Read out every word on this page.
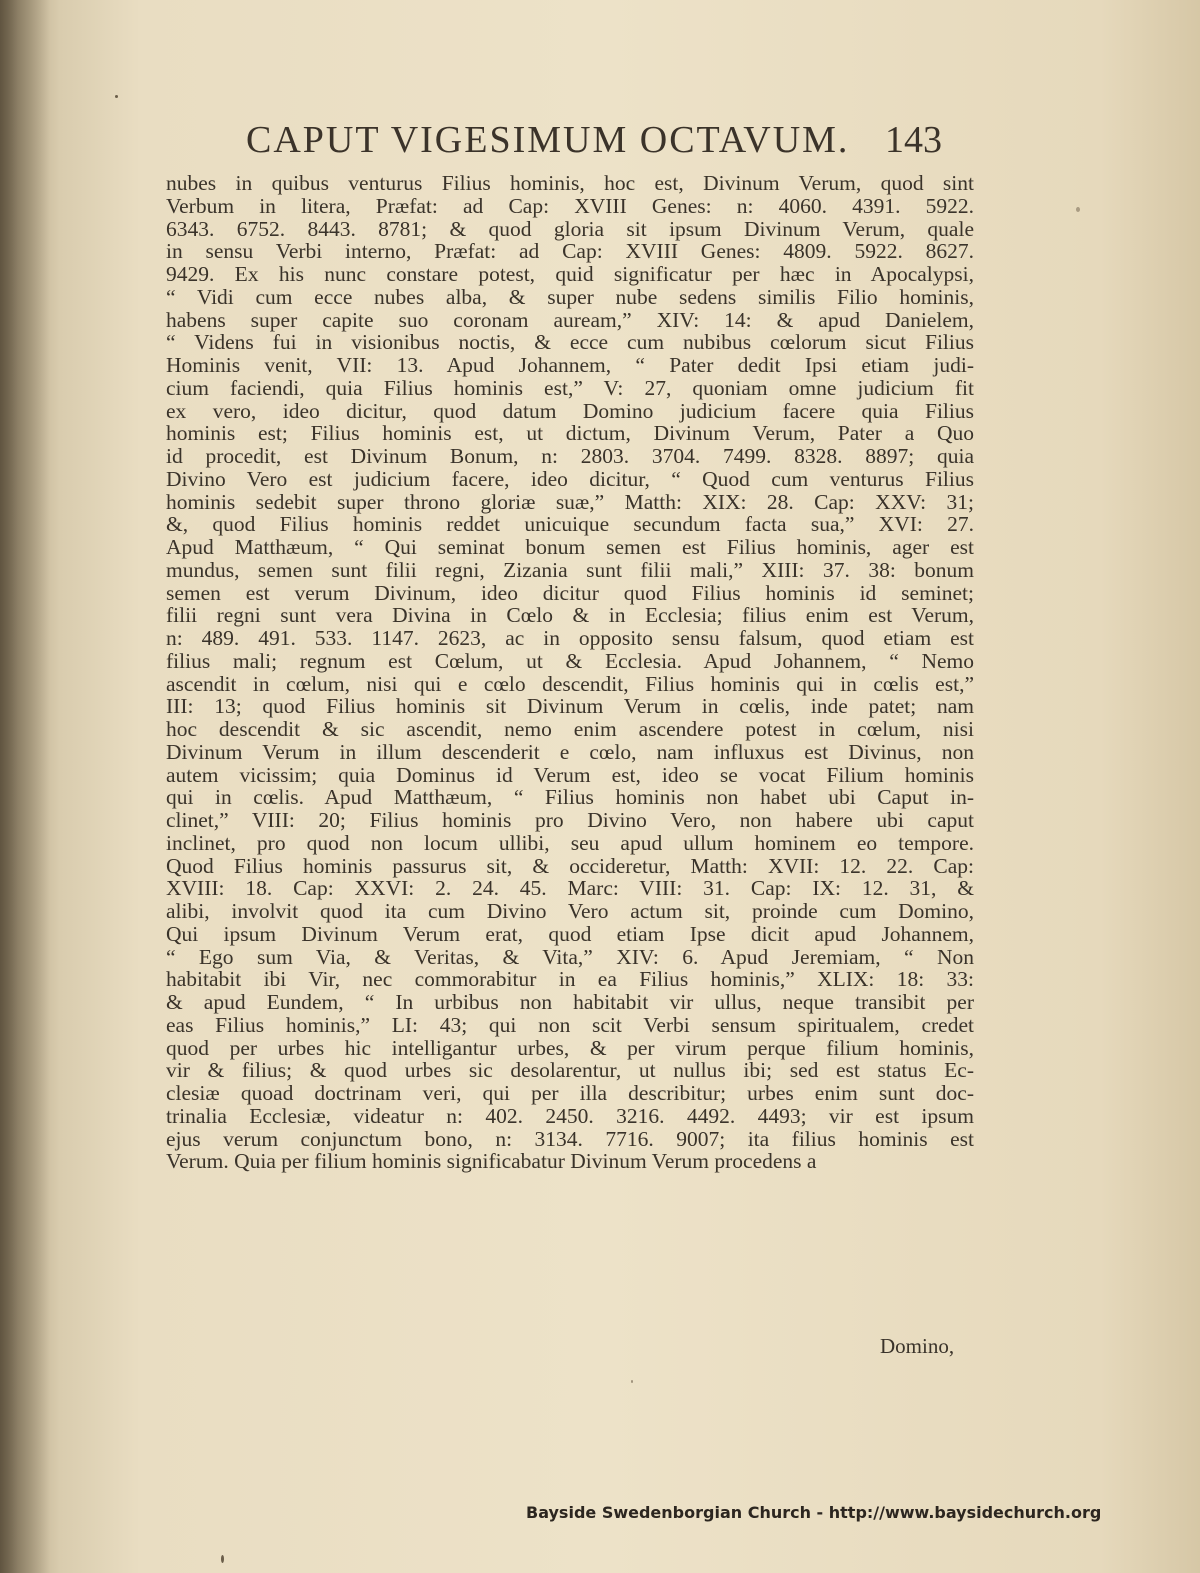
CAPUT VIGESIMUM OCTAVUM. 143
nubes in quibus venturus Filius hominis, hoc est, Divinum Verum, quod sint
Verbum in litera, Præfat: ad Cap: XVIII Genes: n: 4060. 4391. 5922.
6343. 6752. 8443. 8781; & quod gloria sit ipsum Divinum Verum, quale
in sensu Verbi interno, Præfat: ad Cap: XVIII Genes: 4809. 5922. 8627.
9429. Ex his nunc constare potest, quid significatur per hæc in Apocalypsi,
“ Vidi cum ecce nubes alba, & super nube sedens similis Filio hominis,
habens super capite suo coronam auream,” XIV: 14: & apud Danielem,
“ Videns fui in visionibus noctis, & ecce cum nubibus cœlorum sicut Filius
Hominis venit, VII: 13. Apud Johannem, “ Pater dedit Ipsi etiam judi-
cium faciendi, quia Filius hominis est,” V: 27, quoniam omne judicium fit
ex vero, ideo dicitur, quod datum Domino judicium facere quia Filius
hominis est; Filius hominis est, ut dictum, Divinum Verum, Pater a Quo
id procedit, est Divinum Bonum, n: 2803. 3704. 7499. 8328. 8897; quia
Divino Vero est judicium facere, ideo dicitur, “ Quod cum venturus Filius
hominis sedebit super throno gloriæ suæ,” Matth: XIX: 28. Cap: XXV: 31;
&, quod Filius hominis reddet unicuique secundum facta sua,” XVI: 27.
Apud Matthæum, “ Qui seminat bonum semen est Filius hominis, ager est
mundus, semen sunt filii regni, Zizania sunt filii mali,” XIII: 37. 38: bonum
semen est verum Divinum, ideo dicitur quod Filius hominis id seminet;
filii regni sunt vera Divina in Cœlo & in Ecclesia; filius enim est Verum,
n: 489. 491. 533. 1147. 2623, ac in opposito sensu falsum, quod etiam est
filius mali; regnum est Cœlum, ut & Ecclesia. Apud Johannem, “ Nemo
ascendit in cœlum, nisi qui e cœlo descendit, Filius hominis qui in cœlis est,”
III: 13; quod Filius hominis sit Divinum Verum in cœlis, inde patet; nam
hoc descendit & sic ascendit, nemo enim ascendere potest in cœlum, nisi
Divinum Verum in illum descenderit e cœlo, nam influxus est Divinus, non
autem vicissim; quia Dominus id Verum est, ideo se vocat Filium hominis
qui in cœlis. Apud Matthæum, “ Filius hominis non habet ubi Caput in-
clinet,” VIII: 20; Filius hominis pro Divino Vero, non habere ubi caput
inclinet, pro quod non locum ullibi, seu apud ullum hominem eo tempore.
Quod Filius hominis passurus sit, & occideretur, Matth: XVII: 12. 22. Cap:
XVIII: 18. Cap: XXVI: 2. 24. 45. Marc: VIII: 31. Cap: IX: 12. 31, &
alibi, involvit quod ita cum Divino Vero actum sit, proinde cum Domino,
Qui ipsum Divinum Verum erat, quod etiam Ipse dicit apud Johannem,
“ Ego sum Via, & Veritas, & Vita,” XIV: 6. Apud Jeremiam, “ Non
habitabit ibi Vir, nec commorabitur in ea Filius hominis,” XLIX: 18: 33:
& apud Eundem, “ In urbibus non habitabit vir ullus, neque transibit per
eas Filius hominis,” LI: 43; qui non scit Verbi sensum spiritualem, credet
quod per urbes hic intelligantur urbes, & per virum perque filium hominis,
vir & filius; & quod urbes sic desolarentur, ut nullus ibi; sed est status Ec-
clesiæ quoad doctrinam veri, qui per illa describitur; urbes enim sunt doc-
trinalia Ecclesiæ, videatur n: 402. 2450. 3216. 4492. 4493; vir est ipsum
ejus verum conjunctum bono, n: 3134. 7716. 9007; ita filius hominis est
Verum. Quia per filium hominis significabatur Divinum Verum procedens a
Domino,
Bayside Swedenborgian Church - http://www.baysidechurch.org
